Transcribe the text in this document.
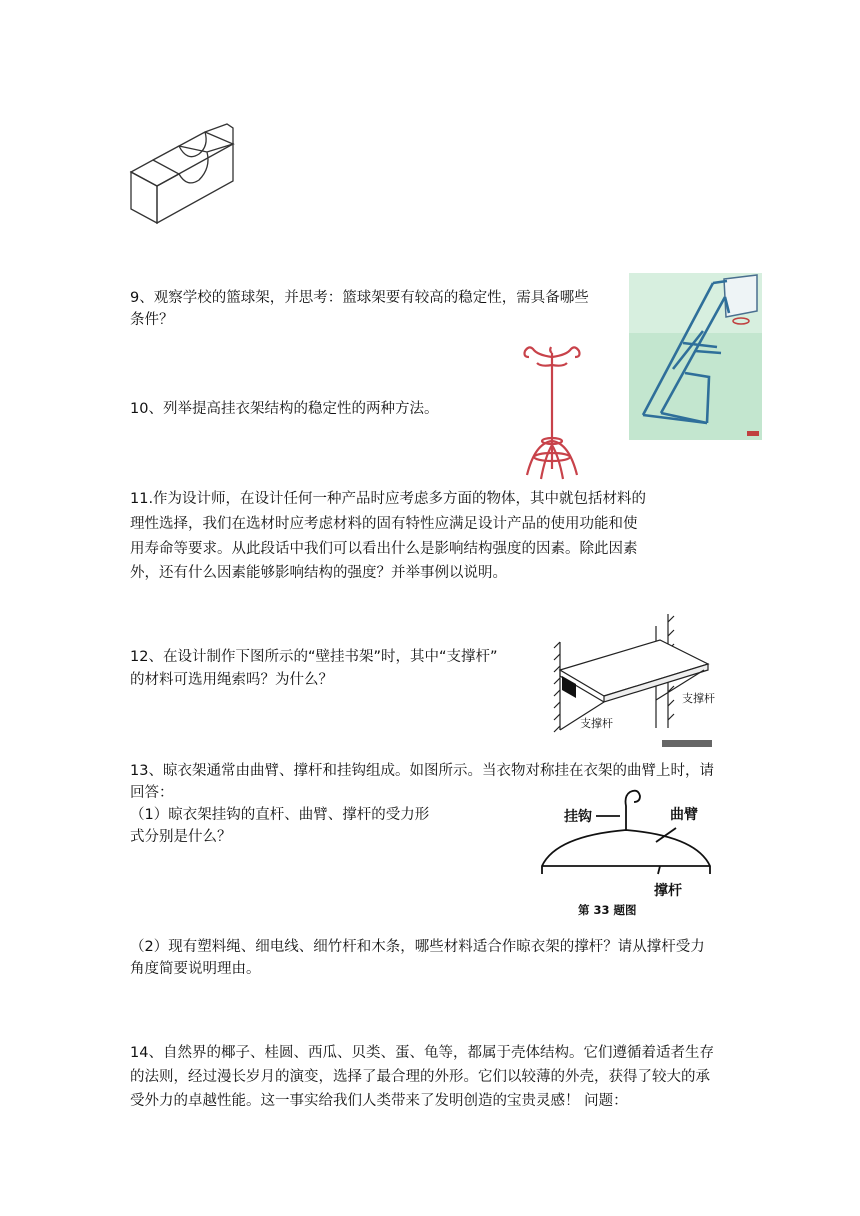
9、观察学校的篮球架，并思考：篮球架要有较高的稳定性，需具备哪些
条件？
10、列举提高挂衣架结构的稳定性的两种方法。
11.作为设计师，在设计任何一种产品时应考虑多方面的物体，其中就包括材料的
理性选择，我们在选材时应考虑材料的固有特性应满足设计产品的使用功能和使
用寿命等要求。从此段话中我们可以看出什么是影响结构强度的因素。除此因素
外，还有什么因素能够影响结构的强度？并举事例以说明。
12、在设计制作下图所示的“壁挂书架”时，其中“支撑杆”
的材料可选用绳索吗？为什么？
支撑杆
支撑杆
13、晾衣架通常由曲臂、撑杆和挂钩组成。如图所示。当衣物对称挂在衣架的曲臂上时，请
回答：
（1）晾衣架挂钩的直杆、曲臂、撑杆的受力形
式分别是什么？
挂钩	曲臂
撑杆
第 33 题图
（2）现有塑料绳、细电线、细竹杆和木条，哪些材料适合作晾衣架的撑杆？请从撑杆受力
角度简要说明理由。
14、自然界的椰子、桂圆、西瓜、贝类、蛋、龟等，都属于壳体结构。它们遵循着适者生存
的法则，经过漫长岁月的演变，选择了最合理的外形。它们以较薄的外壳，获得了较大的承
受外力的卓越性能。这一事实给我们人类带来了发明创造的宝贵灵感！ 问题：
